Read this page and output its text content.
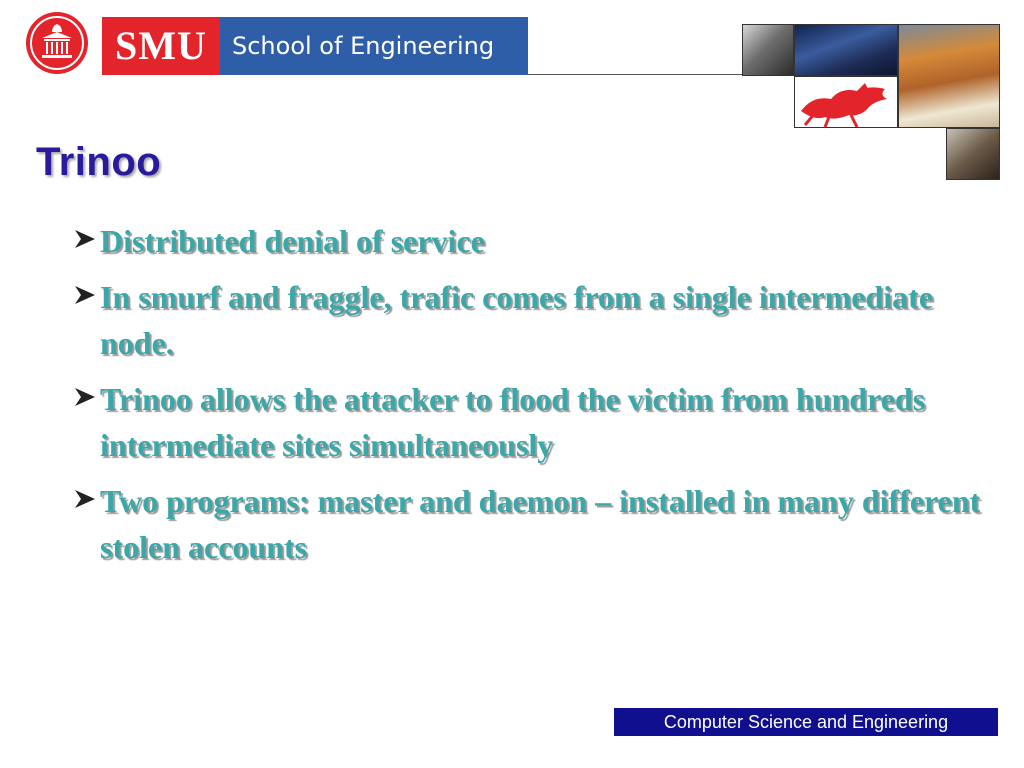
SMU	School of Engineering
Trinoo
Distributed denial of service
In smurf and fraggle, trafic comes from a single intermediate node.
Trinoo allows the attacker to flood the victim from hundreds intermediate sites simultaneously
Two programs: master and daemon – installed in many different stolen accounts
Computer Science and Engineering
